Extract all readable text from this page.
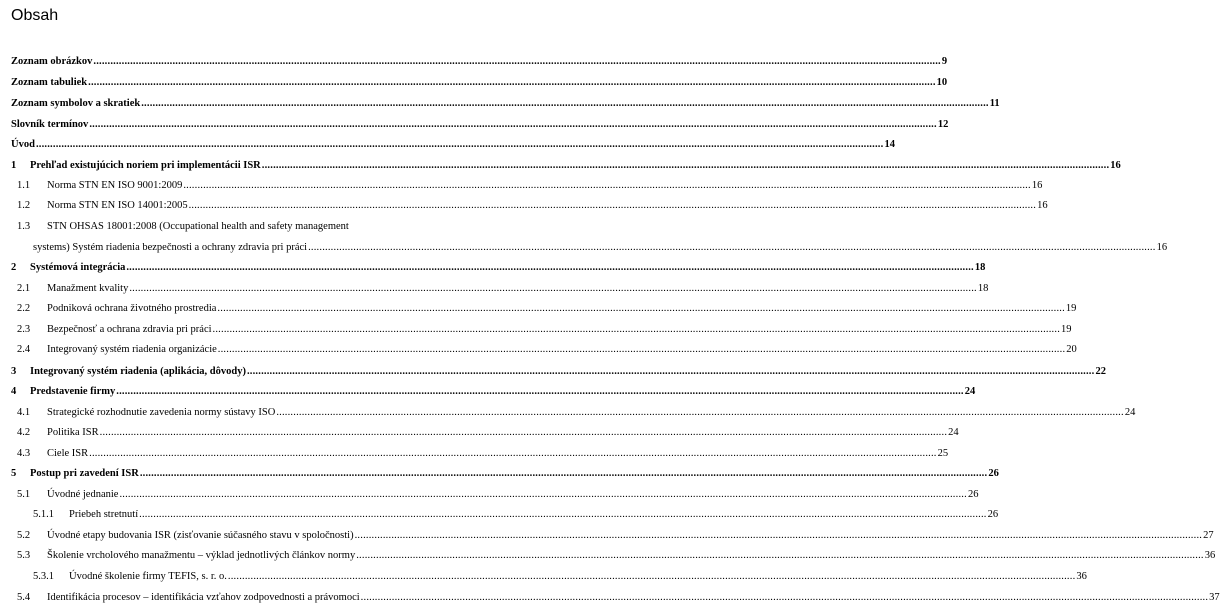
Obsah
Zoznam obrázkov ............................................................................................................................................................................................................................................................................................................ 9
Zoznam tabuliek ............................................................................................................................................................................................................................................................................................................ 10
Zoznam symbolov a skratiek ............................................................................................................................................................................................................................................................................................................ 11
Slovník termínov ............................................................................................................................................................................................................................................................................................................ 12
Úvod ............................................................................................................................................................................................................................................................................................................ 14
1 Prehľad existujúcich noriem pri implementácii ISR ............................................................................................................................................................................................................................................................................................................ 16
1.1 Norma STN EN ISO 9001:2009 ............................................................................................................................................................................................................................................................................................................ 16
1.2 Norma STN EN ISO 14001:2005 ............................................................................................................................................................................................................................................................................................................ 16
1.3 STN OHSAS 18001:2008 (Occupational health and safety management
systems) Systém riadenia bezpečnosti a ochrany zdravia pri práci ............................................................................................................................................................................................................................................................................................................ 16
2 Systémová integrácia ............................................................................................................................................................................................................................................................................................................ 18
2.1 Manažment kvality ............................................................................................................................................................................................................................................................................................................ 18
2.2 Podniková ochrana životného prostredia ............................................................................................................................................................................................................................................................................................................ 19
2.3 Bezpečnosť a ochrana zdravia pri práci ............................................................................................................................................................................................................................................................................................................ 19
2.4 Integrovaný systém riadenia organizácie ............................................................................................................................................................................................................................................................................................................ 20
3 Integrovaný systém riadenia (aplikácia, dôvody) ............................................................................................................................................................................................................................................................................................................ 22
4 Predstavenie firmy ............................................................................................................................................................................................................................................................................................................ 24
4.1 Strategické rozhodnutie zavedenia normy sústavy ISO ............................................................................................................................................................................................................................................................................................................ 24
4.2 Politika ISR ............................................................................................................................................................................................................................................................................................................ 24
4.3 Ciele ISR ............................................................................................................................................................................................................................................................................................................ 25
5 Postup pri zavedení ISR ............................................................................................................................................................................................................................................................................................................ 26
5.1 Úvodné jednanie ............................................................................................................................................................................................................................................................................................................ 26
5.1.1 Priebeh stretnutí ............................................................................................................................................................................................................................................................................................................ 26
5.2 Úvodné etapy budovania ISR (zisťovanie súčasného stavu v spoločnosti) ............................................................................................................................................................................................................................................................................................................ 27
5.3 Školenie vrcholového manažmentu – výklad jednotlivých článkov normy ............................................................................................................................................................................................................................................................................................................ 36
5.3.1 Úvodné školenie firmy TEFIS, s. r. o. ............................................................................................................................................................................................................................................................................................................ 36
5.4 Identifikácia procesov – identifikácia vzťahov zodpovednosti a právomoci ............................................................................................................................................................................................................................................................................................................ 37
